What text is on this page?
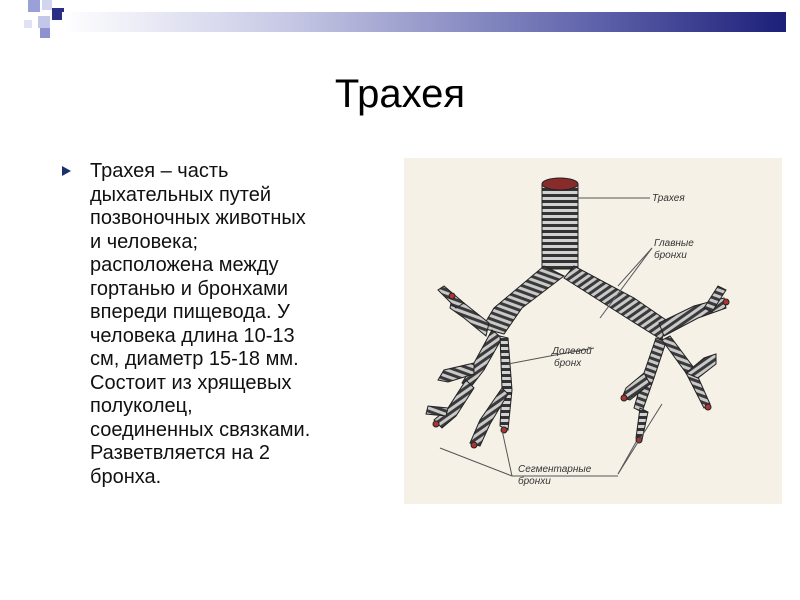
Трахея
Трахея – часть
дыхательных путей
позвоночных животных
и человека;
расположена между
гортанью и бронхами
впереди пищевода. У
человека длина 10-13
см, диаметр 15-18 мм.
Состоит из хрящевых
полуколец,
соединенных связками.
Разветвляется на 2
бронха.
Трахея
Главные
бронхи
Долевой
бронх
Сегментарные
бронхи
